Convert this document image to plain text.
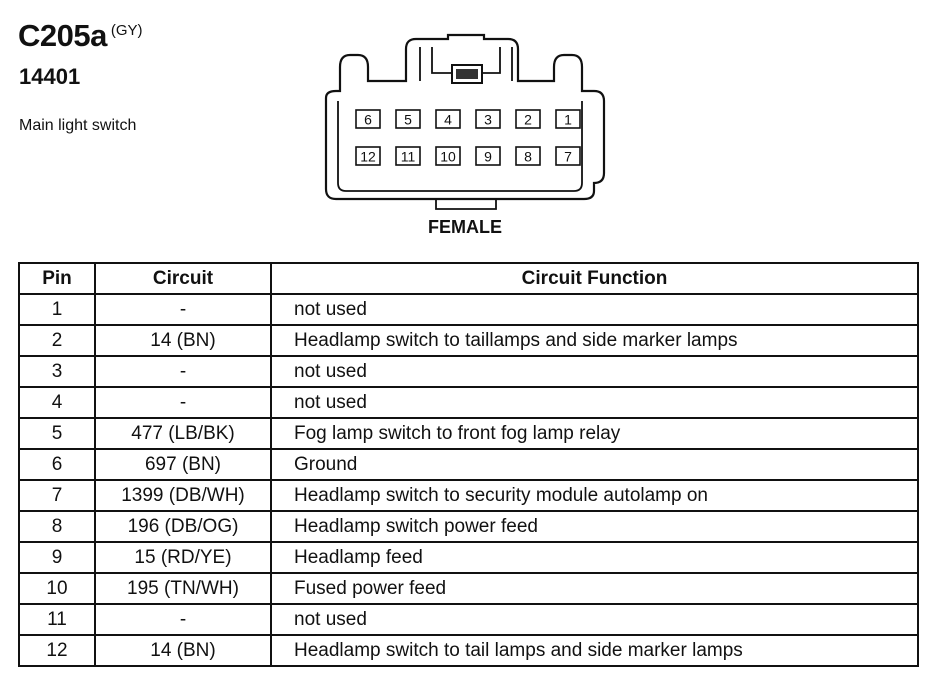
C205a (GY)
14401
Main light switch	6 5 4 3 2 1
12 11 10 9 8 7
FEMALE
Pin	Circuit	Circuit Function
1	-	not used
2	14 (BN)	Headlamp switch to taillamps and side marker lamps
3	-	not used
4	-	not used
5	477 (LB/BK)	Fog lamp switch to front fog lamp relay
6	697 (BN)	Ground
7	1399 (DB/WH)	Headlamp switch to security module autolamp on
8	196 (DB/OG)	Headlamp switch power feed
9	15 (RD/YE)	Headlamp feed
10	195 (TN/WH)	Fused power feed
11	-	not used
12	14 (BN)	Headlamp switch to tail lamps and side marker lamps
